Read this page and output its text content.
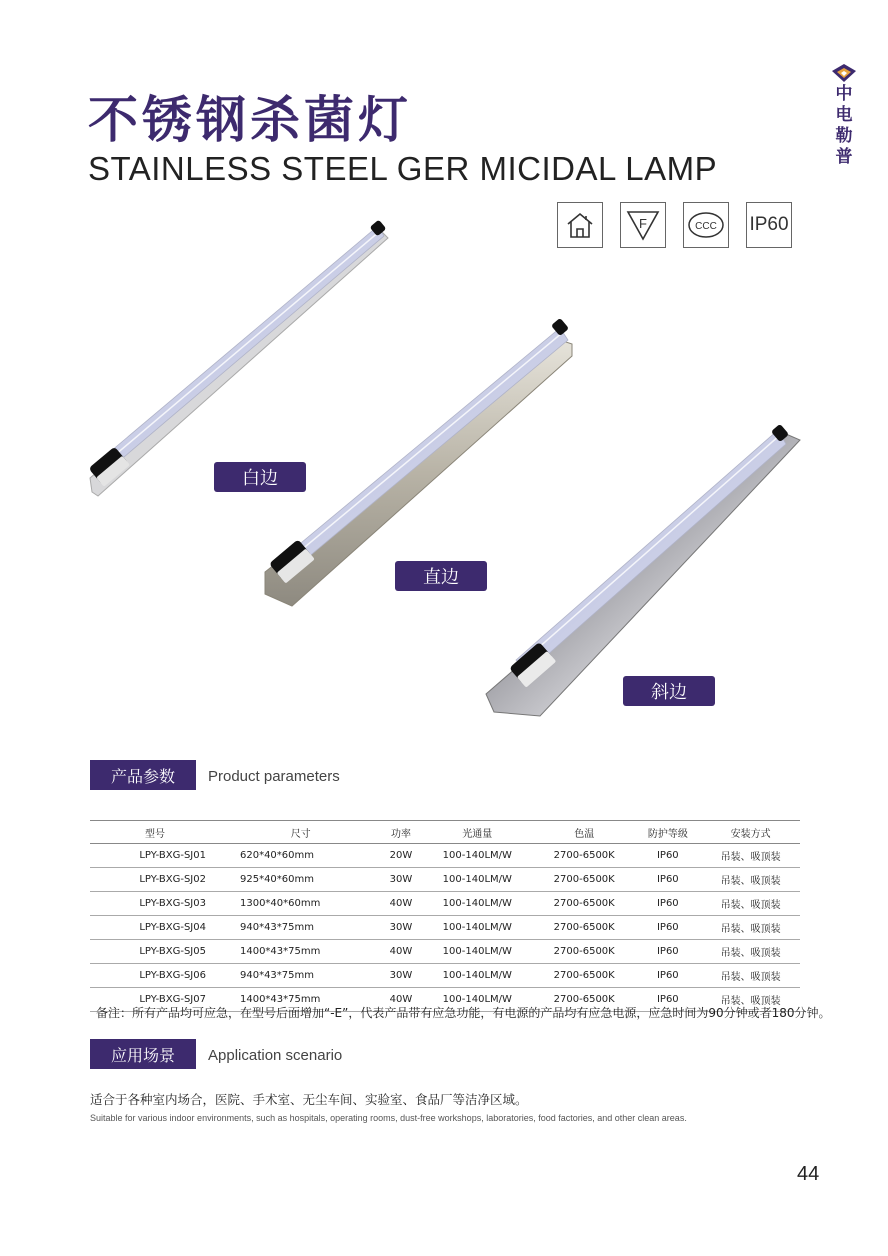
不锈钢杀菌灯
STAINLESS STEEL GER MICIDAL LAMP
中
电
勒
普
F	CCC IP60
白边
直边
斜边
产品参数	Product parameters
型号	尺寸	功率	光通量	色温	防护等级	安装方式
LPY-BXG-SJ01	620*40*60mm	20W	100-140LM/W	2700-6500K	IP60	吊装、吸顶装
LPY-BXG-SJ02	925*40*60mm	30W	100-140LM/W	2700-6500K	IP60	吊装、吸顶装
LPY-BXG-SJ03	1300*40*60mm	40W	100-140LM/W	2700-6500K	IP60	吊装、吸顶装
LPY-BXG-SJ04	940*43*75mm	30W	100-140LM/W	2700-6500K	IP60	吊装、吸顶装
LPY-BXG-SJ05	1400*43*75mm	40W	100-140LM/W	2700-6500K	IP60	吊装、吸顶装
LPY-BXG-SJ06	940*43*75mm	30W	100-140LM/W	2700-6500K	IP60	吊装、吸顶装
LPY-BXG-SJ07	1400*43*75mm	40W	100-140LM/W	2700-6500K	IP60	吊装、吸顶装
备注：所有产品均可应急，在型号后面增加“-E”，代表产品带有应急功能，有电源的产品均有应急电源，应急时间为90分钟或者180分钟。
应用场景	Application scenario
适合于各种室内场合，医院、手术室、无尘车间、实验室、食品厂等洁净区域。
Suitable for various indoor environments, such as hospitals, operating rooms, dust-free workshops, laboratories, food factories, and other clean areas.
44
